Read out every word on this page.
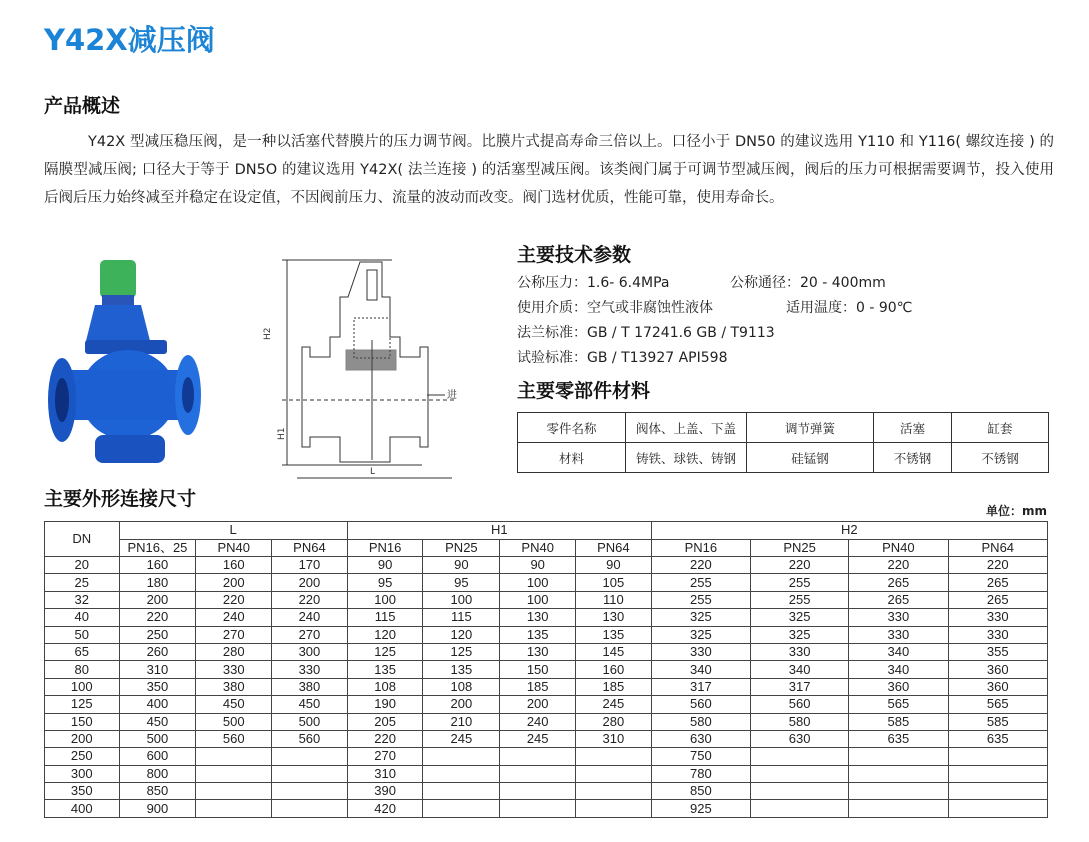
Y42X减压阀
产品概述

Y42X 型减压稳压阀，是一种以活塞代替膜片的压力调节阀。比膜片式提高寿命三倍以上。口径小于 DN50 的建议选用 Y110 和 Y116( 螺纹连接 ) 的隔膜型减压阀; 口径大于等于 DN5O 的建议选用 Y42X( 法兰连接 ) 的活塞型减压阀。该类阀门属于可调节型减压阀，阀后的压力可根据需要调节，投入使用后阀后压力始终减至并稳定在设定值，不因阀前压力、流量的波动而改变。阀门选材优质，性能可靠，使用寿命长。

H2
H1
L
进
主要技术参数
公称压力：1.6- 6.4MPa	公称通径：20 - 400mm
使用介质：空气或非腐蚀性液体	适用温度：0 - 90℃
法兰标准：GB / T 17241.6 GB / T9113
试验标准：GB / T13927 API598
主要零部件材料
零件名称	阀体、上盖、下盖	调节弹簧	活塞	缸套
材料	铸铁、球铁、铸钢	硅锰钢	不锈钢	不锈钢
主要外形连接尺寸
单位：mm
DN	L			H1				H2			
	PN16、25	PN40	PN64	PN16	PN25	PN40	PN64	PN16	PN25	PN40	PN64
20	160	160	170	90	90	90	90	220	220	220	220
25	180	200	200	95	95	100	105	255	255	265	265
32	200	220	220	100	100	100	110	255	255	265	265
40	220	240	240	115	115	130	130	325	325	330	330
50	250	270	270	120	120	135	135	325	325	330	330
65	260	280	300	125	125	130	145	330	330	340	355
80	310	330	330	135	135	150	160	340	340	340	360
100	350	380	380	108	108	185	185	317	317	360	360
125	400	450	450	190	200	200	245	560	560	565	565
150	450	500	500	205	210	240	280	580	580	585	585
200	500	560	560	220	245	245	310	630	630	635	635
250	600			270				750			
300	800			310				780			
350	850			390				850			
400	900			420				925			
